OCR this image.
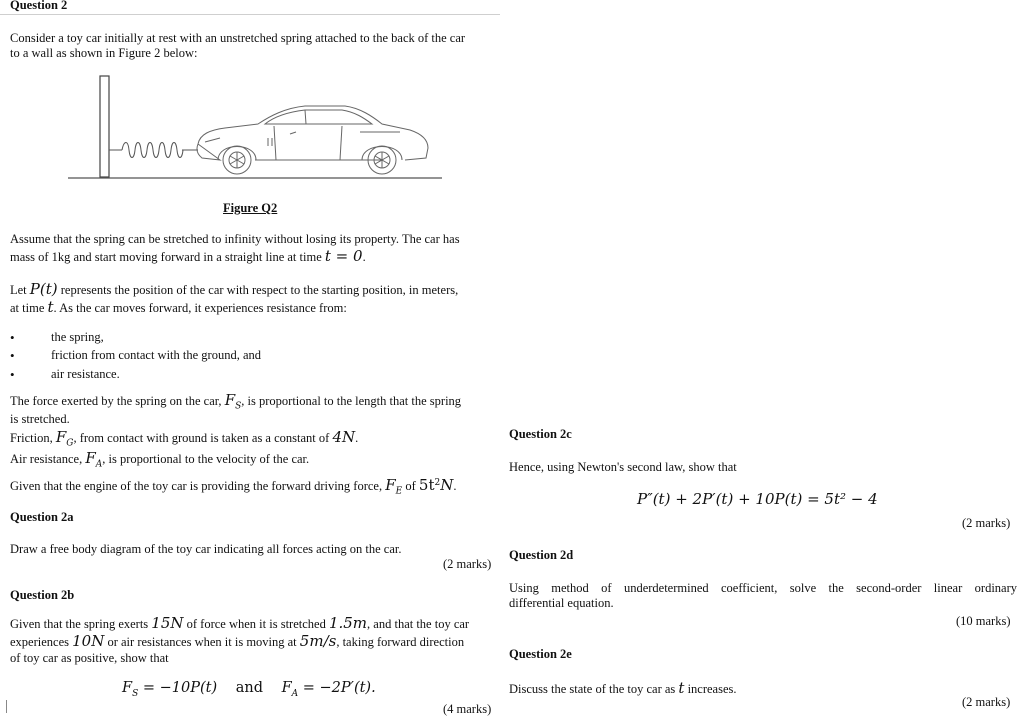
Question 2
Consider a toy car initially at rest with an unstretched spring attached to the back of the car
to a wall as shown in Figure 2 below:
Figure Q2
Assume that the spring can be stretched to infinity without losing its property. The car has
mass of 1kg and start moving forward in a straight line at time t = 0.
Let P(t) represents the position of the car with respect to the starting position, in meters,
at time t. As the car moves forward, it experiences resistance from:
• the spring,
• friction from contact with the ground, and
• air resistance.
The force exerted by the spring on the car, $F_S$, is proportional to the length that the spring
is stretched.
Friction, $F_G$, from contact with ground is taken as a constant of 4N.
Air resistance, $F_A$, is proportional to the velocity of the car.
Given that the engine of the toy car is providing the forward driving force, $F_E$ of $5t^2N$.
Question 2a
Draw a free body diagram of the toy car indicating all forces acting on the car.
(2 marks)
Question 2b
Given that the spring exerts 15N of force when it is stretched 1.5m, and that the toy car
experiences 10N or air resistances when it is moving at 5m/s, taking forward direction
of toy car as positive, show that
$F_S = -10P(t)$ and $F_A = -2P'(t)$.
(4 marks)
Question 2c
Hence, using Newton's second law, show that
P″(t) + 2P′(t) + 10P(t) = 5t² − 4
(2 marks)
Question 2d
Using method of underdetermined coefficient, solve the second-order linear ordinary
differential equation.
(10 marks)
Question 2e
Discuss the state of the toy car as t increases.
(2 marks)
